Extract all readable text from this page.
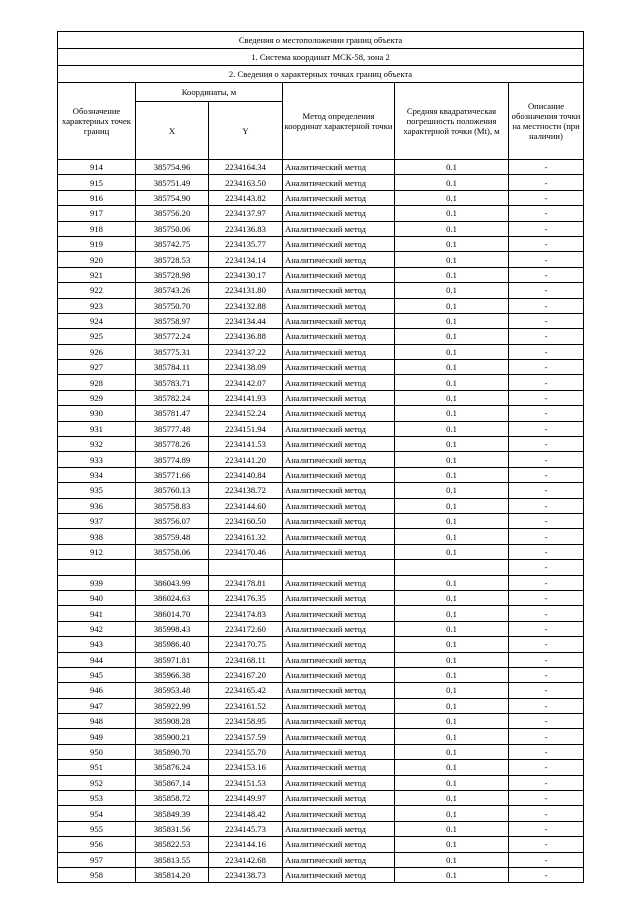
Сведения о местоположении границ объекта					
1. Система координат МСК-58, зона 2					
2. Сведения о характерных точках границ объекта					
Обозначение характерных точек границ	Координаты, м		Метод определения координат характерной точки	Средняя квадратическая погрешность положения характерной точки (Mt), м	Описание обозначения точки на местности (при наличии)
	X	Y			
914	385754.96	2234164.34	Аналитический метод	0.1	-
915	385751.49	2234163.50	Аналитический метод	0.1	-
916	385754.90	2234143.82	Аналитический метод	0.1	-
917	385756.20	2234137.97	Аналитический метод	0.1	-
918	385750.06	2234136.83	Аналитический метод	0.1	-
919	385742.75	2234135.77	Аналитический метод	0.1	-
920	385728.53	2234134.14	Аналитический метод	0.1	-
921	385728.98	2234130.17	Аналитический метод	0.1	-
922	385743.26	2234131.80	Аналитический метод	0.1	-
923	385750.70	2234132.88	Аналитический метод	0.1	-
924	385758.97	2234134.44	Аналитический метод	0.1	-
925	385772.24	2234136.88	Аналитический метод	0.1	-
926	385775.31	2234137.22	Аналитический метод	0.1	-
927	385784.11	2234138.09	Аналитический метод	0.1	-
928	385783.71	2234142.07	Аналитический метод	0.1	-
929	385782.24	2234141.93	Аналитический метод	0.1	-
930	385781.47	2234152.24	Аналитический метод	0.1	-
931	385777.48	2234151.94	Аналитический метод	0.1	-
932	385778.26	2234141.53	Аналитический метод	0.1	-
933	385774.89	2234141.20	Аналитический метод	0.1	-
934	385771.66	2234140.84	Аналитический метод	0.1	-
935	385760.13	2234138.72	Аналитический метод	0.1	-
936	385758.83	2234144.60	Аналитический метод	0.1	-
937	385756.07	2234160.50	Аналитический метод	0.1	-
938	385759.48	2234161.32	Аналитический метод	0.1	-
912	385758.06	2234170.46	Аналитический метод	0.1	-
					-
939	386043.99	2234178.81	Аналитический метод	0.1	-
940	386024.63	2234176.35	Аналитический метод	0.1	-
941	386014.70	2234174.83	Аналитический метод	0.1	-
942	385998.43	2234172.60	Аналитический метод	0.1	-
943	385986.40	2234170.75	Аналитический метод	0.1	-
944	385971.81	2234168.11	Аналитический метод	0.1	-
945	385966.38	2234167.20	Аналитический метод	0.1	-
946	385953.48	2234165.42	Аналитический метод	0.1	-
947	385922.99	2234161.52	Аналитический метод	0.1	-
948	385908.28	2234158.95	Аналитический метод	0.1	-
949	385900.21	2234157.59	Аналитический метод	0.1	-
950	385890.70	2234155.70	Аналитический метод	0.1	-
951	385876.24	2234153.16	Аналитический метод	0.1	-
952	385867.14	2234151.53	Аналитический метод	0.1	-
953	385858.72	2234149.97	Аналитический метод	0.1	-
954	385849.39	2234148.42	Аналитический метод	0.1	-
955	385831.56	2234145.73	Аналитический метод	0.1	-
956	385822.53	2234144.16	Аналитический метод	0.1	-
957	385813.55	2234142.68	Аналитический метод	0.1	-
958	385814.20	2234138.73	Аналитический метод	0.1	-
